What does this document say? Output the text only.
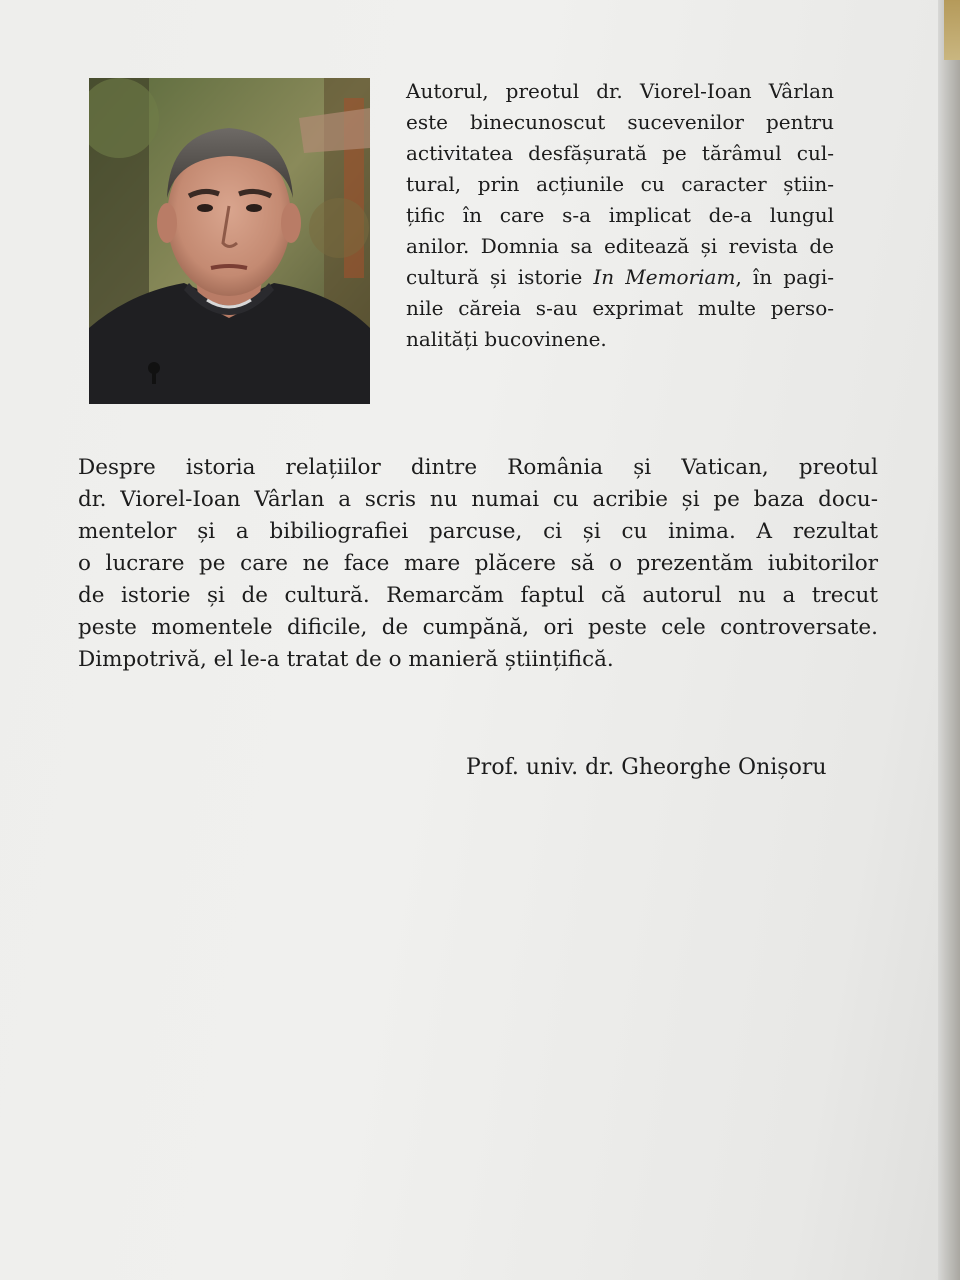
Autorul, preotul dr. Viorel-Ioan Vârlan
este binecunoscut sucevenilor pentru
activitatea desfășurată pe tărâmul cul-
tural, prin acțiunile cu caracter știin-
țific în care s-a implicat de-a lungul
anilor. Domnia sa editează și revista de
cultură și istorie In Memoriam, în pagi-
nile căreia s-au exprimat multe perso-
nalități bucovinene.

Despre istoria relațiilor dintre România și Vatican, preotul
dr. Viorel-Ioan Vârlan a scris nu numai cu acribie și pe baza docu-
mentelor și a bibiliografiei parcuse, ci și cu inima. A rezultat
o lucrare pe care ne face mare plăcere să o prezentăm iubitorilor
de istorie și de cultură. Remarcăm faptul că autorul nu a trecut
peste momentele dificile, de cumpănă, ori peste cele controversate.
Dimpotrivă, el le-a tratat de o manieră științifică.

Prof. univ. dr. Gheorghe Onișoru
